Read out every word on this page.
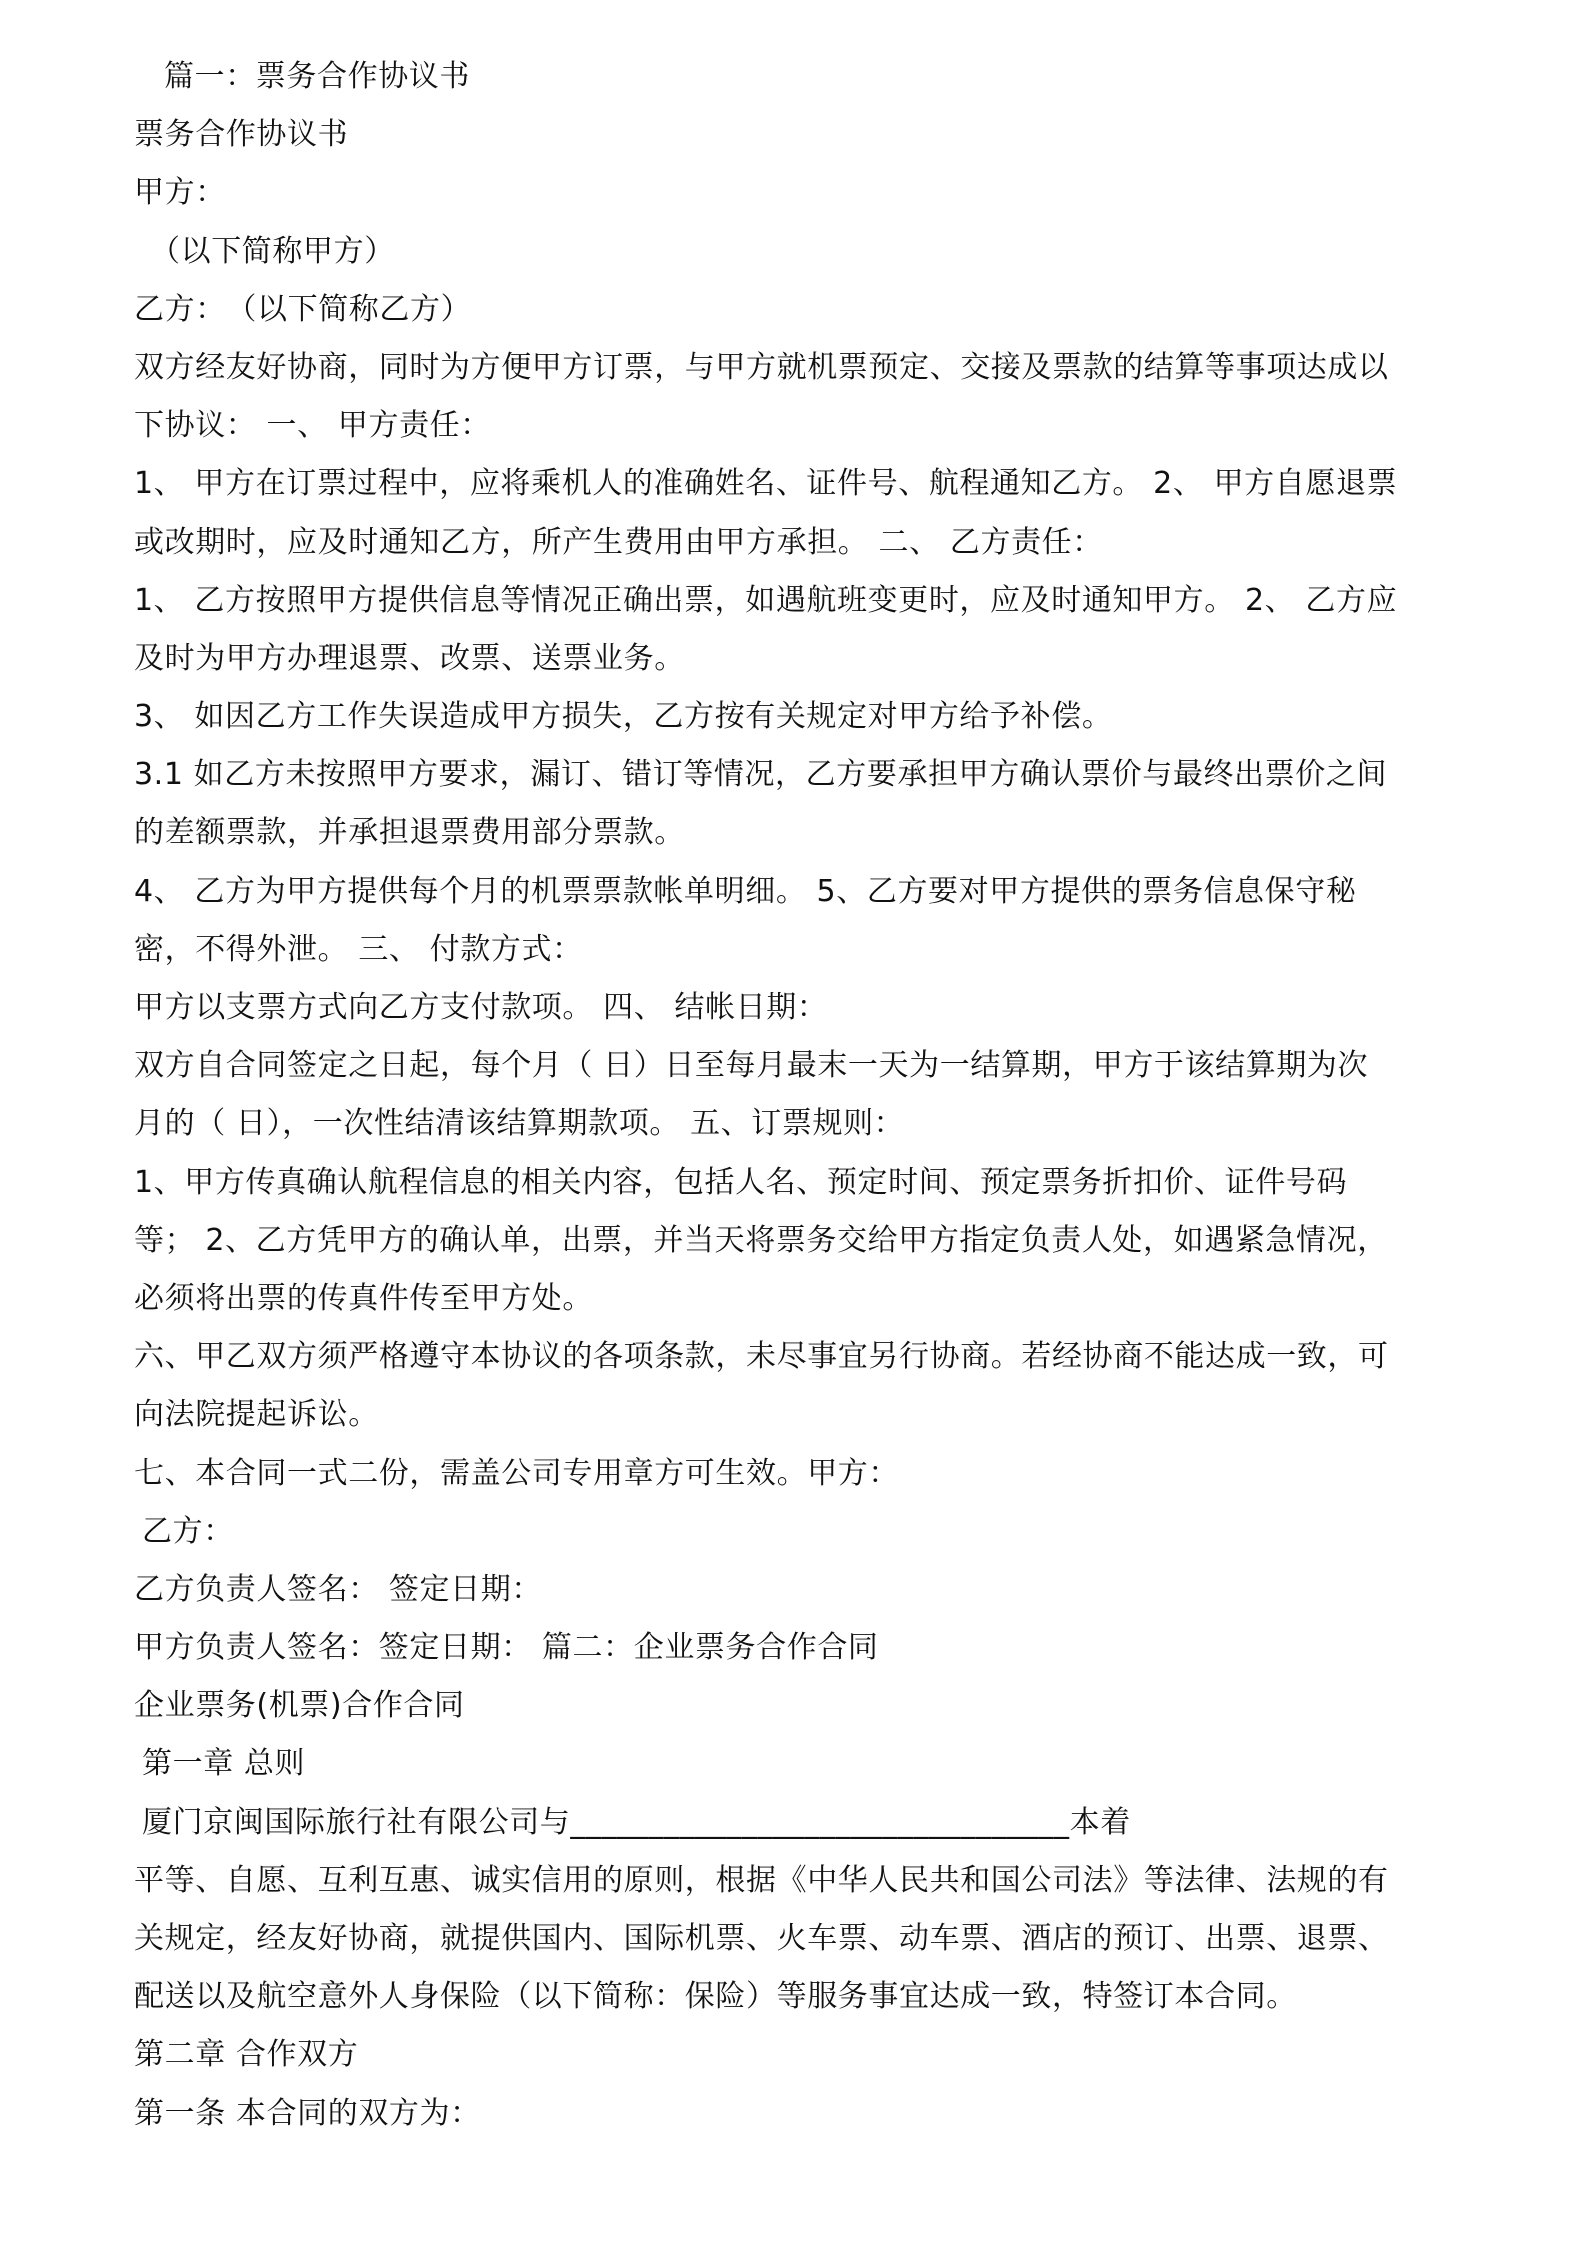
篇一：票务合作协议书
票务合作协议书
甲方：
（以下简称甲方）
乙方：　（以下简称乙方）
双方经友好协商，同时为方便甲方订票，与甲方就机票预定、交接及票款的结算等事项达成以
下协议： 一、 甲方责任：
1、 甲方在订票过程中，应将乘机人的准确姓名、证件号、航程通知乙方。 2、 甲方自愿退票
或改期时，应及时通知乙方，所产生费用由甲方承担。 二、 乙方责任：
1、 乙方按照甲方提供信息等情况正确出票，如遇航班变更时，应及时通知甲方。 2、 乙方应
及时为甲方办理退票、改票、送票业务。
3、 如因乙方工作失误造成甲方损失，乙方按有关规定对甲方给予补偿。
3.1 如乙方未按照甲方要求，漏订、错订等情况，乙方要承担甲方确认票价与最终出票价之间
的差额票款，并承担退票费用部分票款。
4、 乙方为甲方提供每个月的机票票款帐单明细。 5、乙方要对甲方提供的票务信息保守秘
密，不得外泄。 三、 付款方式：
甲方以支票方式向乙方支付款项。 四、 结帐日期：
双方自合同签定之日起，每个月（ 日）日至每月最末一天为一结算期，甲方于该结算期为次
月的（ 日），一次性结清该结算期款项。 五、订票规则：
1、甲方传真确认航程信息的相关内容，包括人名、预定时间、预定票务折扣价、证件号码
等； 2、乙方凭甲方的确认单，出票，并当天将票务交给甲方指定负责人处，如遇紧急情况，
必须将出票的传真件传至甲方处。
六、甲乙双方须严格遵守本协议的各项条款，未尽事宜另行协商。若经协商不能达成一致，可
向法院提起诉讼。
七、本合同一式二份，需盖公司专用章方可生效。甲方：
乙方：
乙方负责人签名： 签定日期：
甲方负责人签名：签定日期： 篇二：企业票务合作合同
企业票务(机票)合作合同
第一章 总则
厦门京闽国际旅行社有限公司与________________________________本着
平等、自愿、互利互惠、诚实信用的原则，根据《中华人民共和国公司法》等法律、法规的有
关规定，经友好协商，就提供国内、国际机票、火车票、动车票、酒店的预订、出票、退票、
配送以及航空意外人身保险（以下简称：保险）等服务事宜达成一致，特签订本合同。
第二章 合作双方
第一条 本合同的双方为：
